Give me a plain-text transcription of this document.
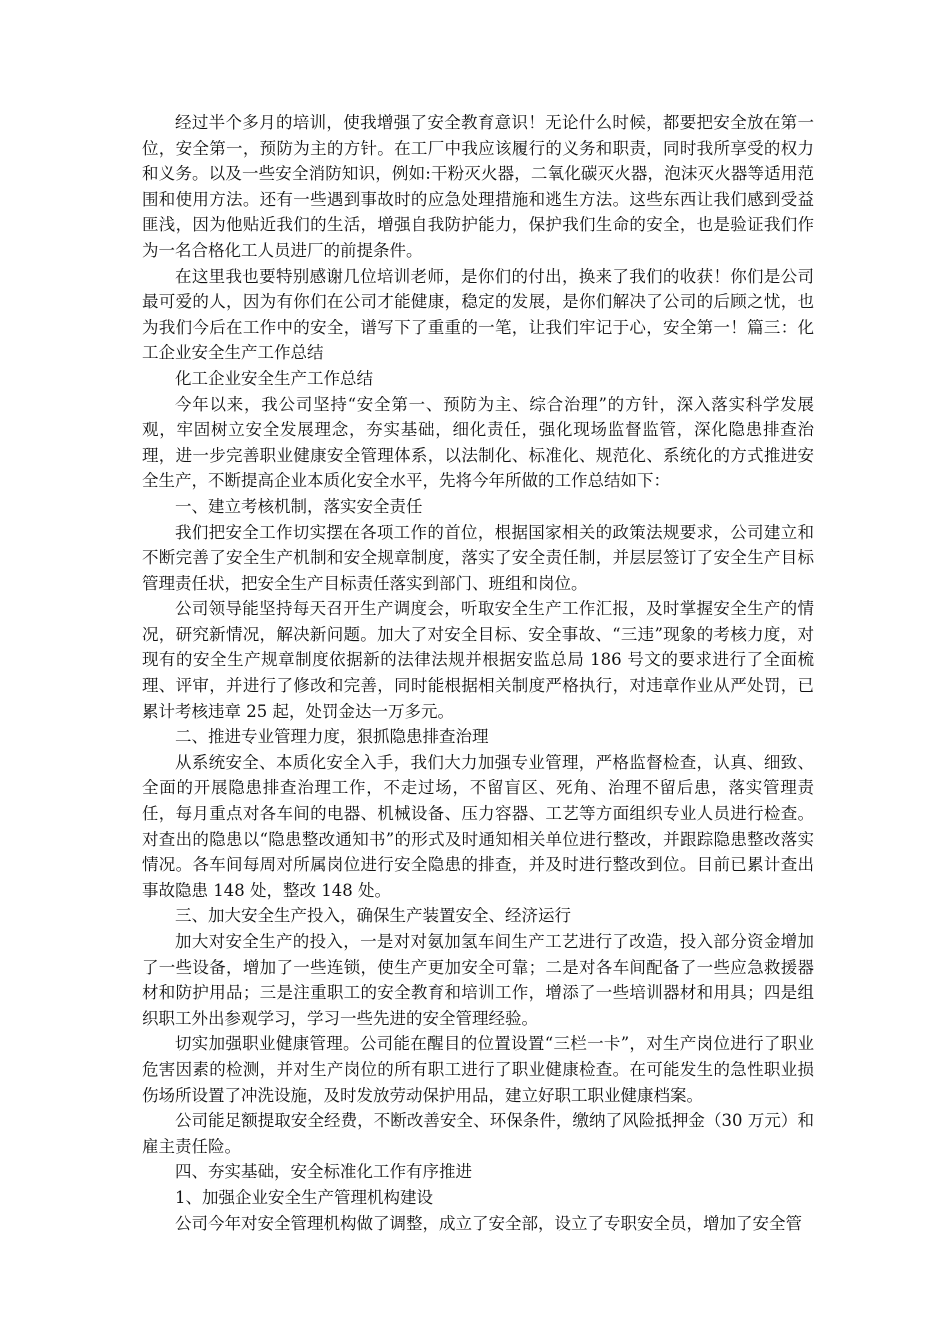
经过半个多月的培训，使我增强了安全教育意识！无论什么时候，都要把安全放在第一位，安全第一，预防为主的方针。在工厂中我应该履行的义务和职责，同时我所享受的权力和义务。以及一些安全消防知识，例如:干粉灭火器，二氧化碳灭火器，泡沫灭火器等适用范围和使用方法。还有一些遇到事故时的应急处理措施和逃生方法。这些东西让我们感到受益匪浅，因为他贴近我们的生活，增强自我防护能力，保护我们生命的安全，也是验证我们作为一名合格化工人员进厂的前提条件。

在这里我也要特别感谢几位培训老师，是你们的付出，换来了我们的收获！你们是公司最可爱的人，因为有你们在公司才能健康，稳定的发展，是你们解决了公司的后顾之忧，也为我们今后在工作中的安全，谱写下了重重的一笔，让我们牢记于心，安全第一！篇三：化工企业安全生产工作总结

化工企业安全生产工作总结

今年以来，我公司坚持“安全第一、预防为主、综合治理”的方针，深入落实科学发展观，牢固树立安全发展理念，夯实基础，细化责任，强化现场监督监管，深化隐患排查治理，进一步完善职业健康安全管理体系，以法制化、标准化、规范化、系统化的方式推进安全生产，不断提高企业本质化安全水平，先将今年所做的工作总结如下：

一、建立考核机制，落实安全责任

我们把安全工作切实摆在各项工作的首位，根据国家相关的政策法规要求，公司建立和不断完善了安全生产机制和安全规章制度，落实了安全责任制，并层层签订了安全生产目标管理责任状，把安全生产目标责任落实到部门、班组和岗位。

公司领导能坚持每天召开生产调度会，听取安全生产工作汇报，及时掌握安全生产的情况，研究新情况，解决新问题。加大了对安全目标、安全事故、“三违”现象的考核力度，对现有的安全生产规章制度依据新的法律法规并根据安监总局 186 号文的要求进行了全面梳理、评审，并进行了修改和完善，同时能根据相关制度严格执行，对违章作业从严处罚，已累计考核违章 25 起，处罚金达一万多元。

二、推进专业管理力度，狠抓隐患排查治理

从系统安全、本质化安全入手，我们大力加强专业管理，严格监督检查，认真、细致、全面的开展隐患排查治理工作，不走过场，不留盲区、死角、治理不留后患，落实管理责任，每月重点对各车间的电器、机械设备、压力容器、工艺等方面组织专业人员进行检查。对查出的隐患以“隐患整改通知书”的形式及时通知相关单位进行整改，并跟踪隐患整改落实情况。各车间每周对所属岗位进行安全隐患的排查，并及时进行整改到位。目前已累计查出事故隐患 148 处，整改 148 处。

三、加大安全生产投入，确保生产装置安全、经济运行

加大对安全生产的投入，一是对对氨加氢车间生产工艺进行了改造，投入部分资金增加了一些设备，增加了一些连锁，使生产更加安全可靠；二是对各车间配备了一些应急救援器材和防护用品；三是注重职工的安全教育和培训工作，增添了一些培训器材和用具；四是组织职工外出参观学习，学习一些先进的安全管理经验。

切实加强职业健康管理。公司能在醒目的位置设置“三栏一卡”，对生产岗位进行了职业危害因素的检测，并对生产岗位的所有职工进行了职业健康检查。在可能发生的急性职业损伤场所设置了冲洗设施，及时发放劳动保护用品，建立好职工职业健康档案。

公司能足额提取安全经费，不断改善安全、环保条件，缴纳了风险抵押金（30 万元）和雇主责任险。

四、夯实基础，安全标准化工作有序推进

1、加强企业安全生产管理机构建设

公司今年对安全管理机构做了调整，成立了安全部，设立了专职安全员，增加了安全管
